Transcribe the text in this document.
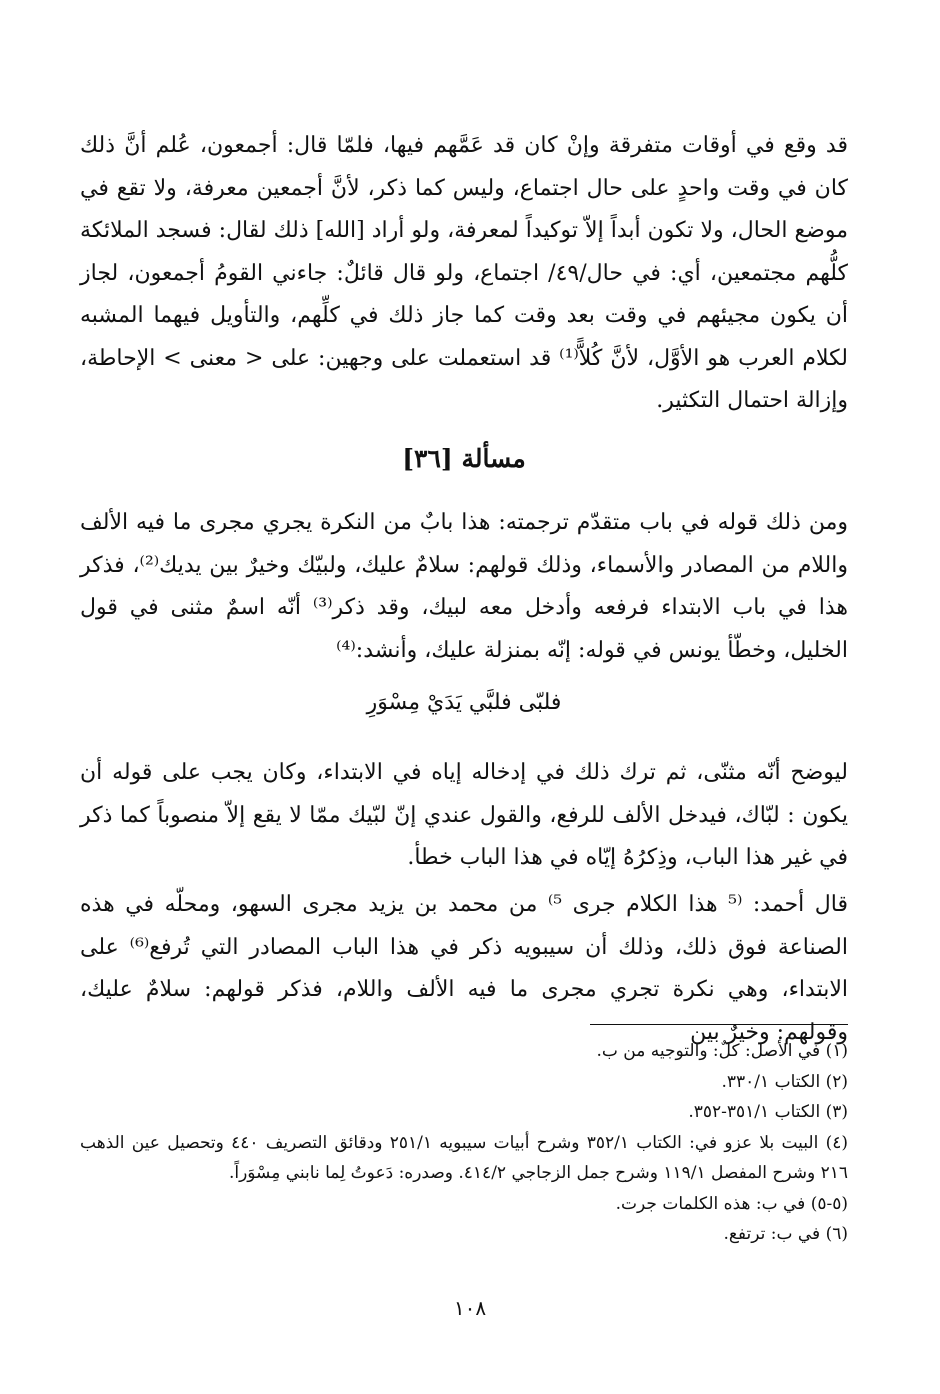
قد وقع في أوقات متفرقة وإنْ كان قد عَمَّهم فيها، فلمّا قال: أجمعون، عُلم أنَّ ذلك كان في وقت واحدٍ على حال اجتماع، وليس كما ذكر، لأنَّ أجمعين معرفة، ولا تقع في موضع الحال، ولا تكون أبداً إلاّ توكيداً لمعرفة، ولو أراد [الله] ذلك لقال: فسجد الملائكة كلُّهم مجتمعين، أي: في حال/٤٩/ اجتماع، ولو قال قائلٌ: جاءني القومُ أجمعون، لجاز أن يكون مجيئهم في وقت بعد وقت كما جاز ذلك في كلِّهم، والتأويل فيهما المشبه لكلام العرب هو الأوَّل، لأنَّ كُلاًّ⁽¹⁾ قد استعملت على وجهين: على < معنى > الإحاطة، وإزالة احتمال التكثير.

مسألة [٣٦]

ومن ذلك قوله في باب متقدّم ترجمته: هذا بابٌ من النكرة يجري مجرى ما فيه الألف واللام من المصادر والأسماء، وذلك قولهم: سلامٌ عليك، ولبيّك وخيرٌ بين يديك⁽²⁾، فذكر هذا في باب الابتداء فرفعه وأدخل معه لبيك، وقد ذكر⁽³⁾ أنّه اسمٌ مثنى في قول الخليل، وخطّأ يونس في قوله: إنّه بمنزلة عليك، وأنشد:⁽⁴⁾

فلبّى فلبَّي يَدَيْ مِسْوَرِ

ليوضح أنّه مثنّى، ثم ترك ذلك في إدخاله إياه في الابتداء، وكان يجب على قوله أن يكون : لبّاك، فيدخل الألف للرفع، والقول عندي إنّ لبّيك ممّا لا يقع إلاّ منصوباً كما ذكر في غير هذا الباب، وذِكرُهُ إيّاه في هذا الباب خطأ.

قال أحمد: ⁽⁵ هذا الكلام جرى ⁵⁾ من محمد بن يزيد مجرى السهو، ومحلّه في هذه الصناعة فوق ذلك، وذلك أن سيبويه ذكر في هذا الباب المصادر التي تُرفع⁽⁶⁾ على الابتداء، وهي نكرة تجري مجرى ما فيه الألف واللام، فذكر قولهم: سلامٌ عليك، وقولهم: وخيرٌ بين

(١) في الأصل: كلٌ: والتوجيه من ب.
(٢) الكتاب ٣٣٠/١.
(٣) الكتاب ٣٥١/١-٣٥٢.
(٤) البيت بلا عزو في: الكتاب ٣٥٢/١ وشرح أبيات سيبويه ٢٥١/١ ودقائق التصريف ٤٤٠ وتحصيل عين الذهب ٢١٦ وشرح المفصل ١١٩/١ وشرح جمل الزجاجي ٤١٤/٢. وصدره: دَعوتُ لِما نابني مِسْوَراً.
(٥-٥) في ب: هذه الكلمات جرت.
(٦) في ب: ترتفع.
١٠٨
